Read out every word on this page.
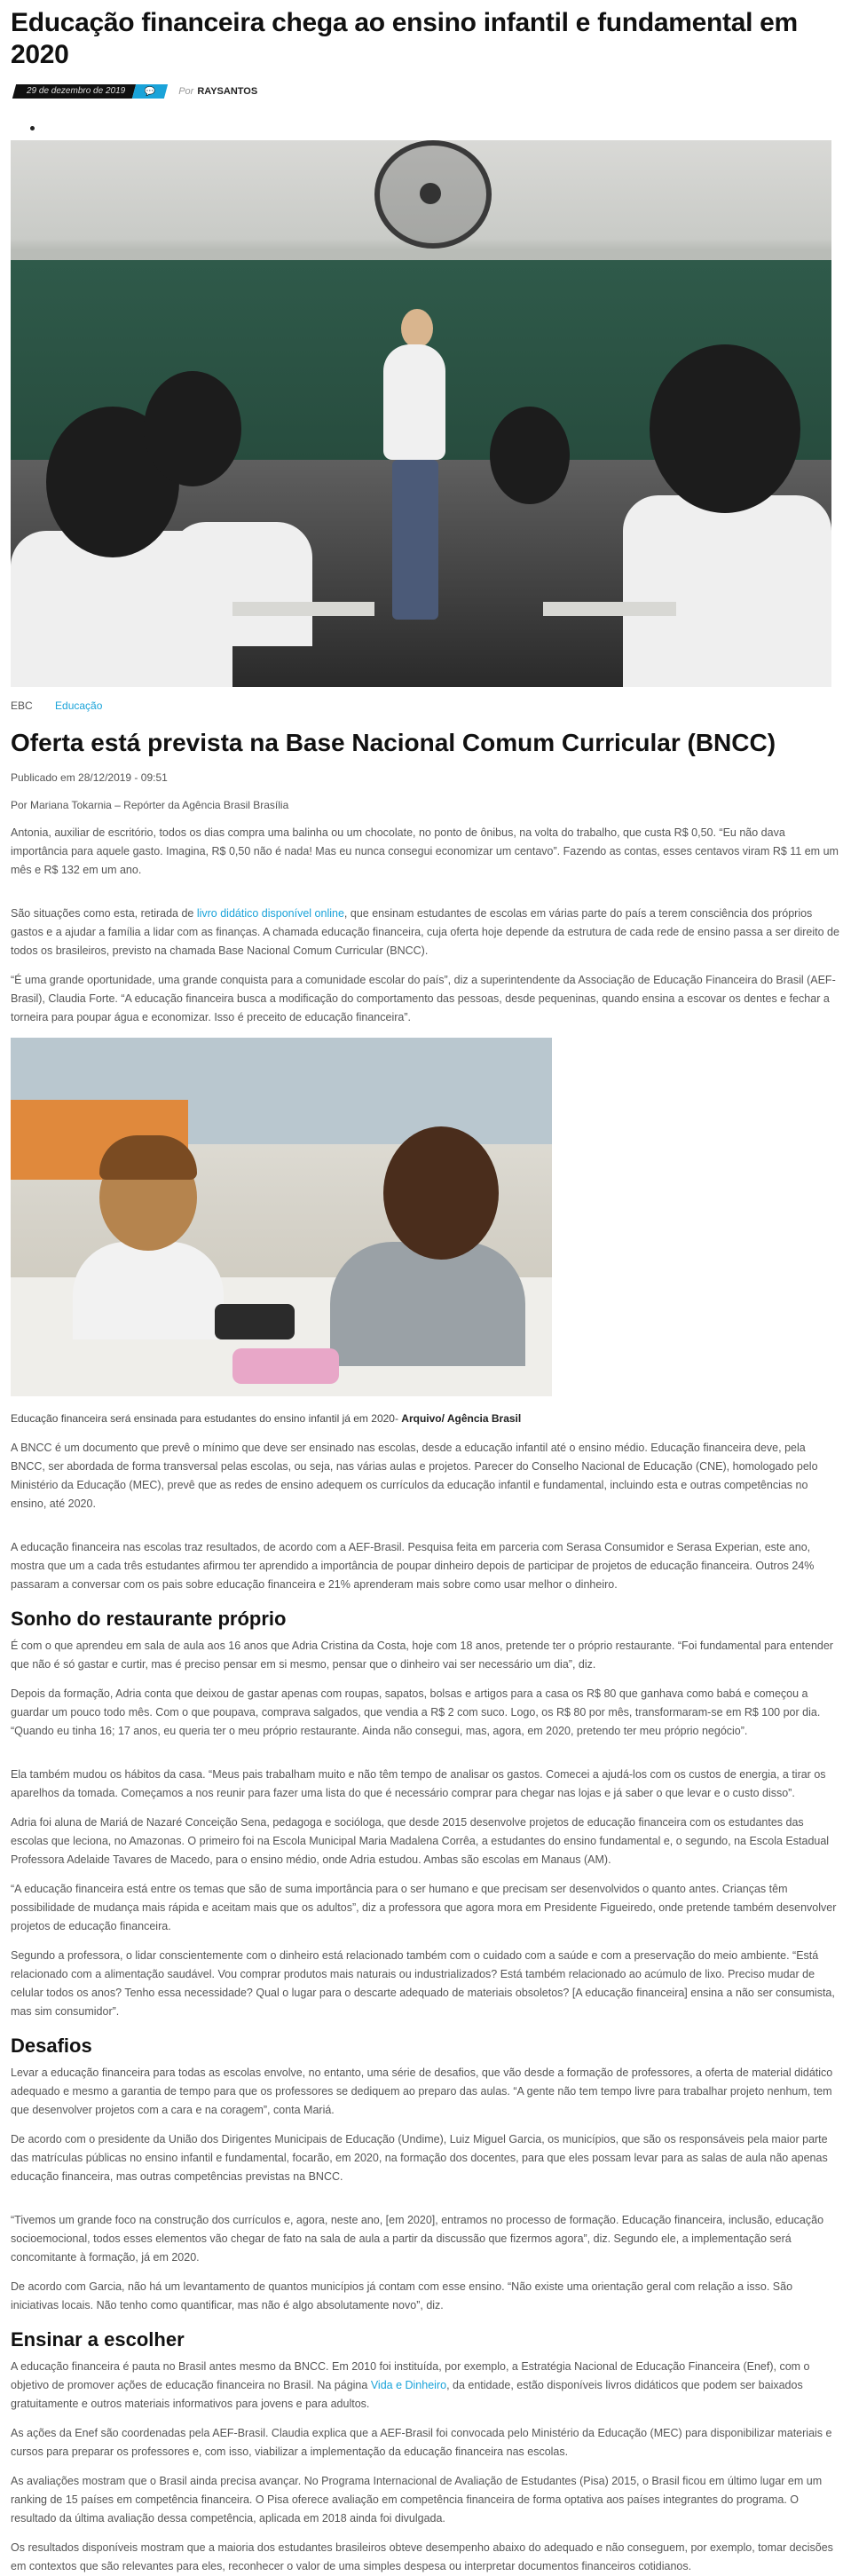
Educação financeira chega ao ensino infantil e fundamental em 2020
29 de dezembro de 2019	💬 Por RAYSANTOS
EBC Educação
Oferta está prevista na Base Nacional Comum Curricular (BNCC)

Publicado em 28/12/2019 - 09:51

Por Mariana Tokarnia – Repórter da Agência Brasil Brasília

Antonia, auxiliar de escritório, todos os dias compra uma balinha ou um chocolate, no ponto de ônibus, na volta do trabalho, que custa R$ 0,50. “Eu não dava importância para aquele gasto. Imagina, R$ 0,50 não é nada! Mas eu nunca consegui economizar um centavo”. Fazendo as contas, esses centavos viram R$ 11 em um mês e R$ 132 em um ano.

São situações como esta, retirada de livro didático disponível online, que ensinam estudantes de escolas em várias parte do país a terem consciência dos próprios gastos e a ajudar a família a lidar com as finanças. A chamada educação financeira, cuja oferta hoje depende da estrutura de cada rede de ensino passa a ser direito de todos os brasileiros, previsto na chamada Base Nacional Comum Curricular (BNCC).

“É uma grande oportunidade, uma grande conquista para a comunidade escolar do país”, diz a superintendente da Associação de Educação Financeira do Brasil (AEF-Brasil), Claudia Forte. “A educação financeira busca a modificação do comportamento das pessoas, desde pequeninas, quando ensina a escovar os dentes e fechar a torneira para poupar água e economizar. Isso é preceito de educação financeira”.

Educação financeira será ensinada para estudantes do ensino infantil já em 2020- Arquivo/ Agência Brasil

A BNCC é um documento que prevê o mínimo que deve ser ensinado nas escolas, desde a educação infantil até o ensino médio. Educação financeira deve, pela BNCC, ser abordada de forma transversal pelas escolas, ou seja, nas várias aulas e projetos. Parecer do Conselho Nacional de Educação (CNE), homologado pelo Ministério da Educação (MEC), prevê que as redes de ensino adequem os currículos da educação infantil e fundamental, incluindo esta e outras competências no ensino, até 2020.

A educação financeira nas escolas traz resultados, de acordo com a AEF-Brasil. Pesquisa feita em parceria com Serasa Consumidor e Serasa Experian, este ano, mostra que um a cada três estudantes afirmou ter aprendido a importância de poupar dinheiro depois de participar de projetos de educação financeira. Outros 24% passaram a conversar com os pais sobre educação financeira e 21% aprenderam mais sobre como usar melhor o dinheiro.

Sonho do restaurante próprio

É com o que aprendeu em sala de aula aos 16 anos que Adria Cristina da Costa, hoje com 18 anos, pretende ter o próprio restaurante. “Foi fundamental para entender que não é só gastar e curtir, mas é preciso pensar em si mesmo, pensar que o dinheiro vai ser necessário um dia”, diz.

Depois da formação, Adria conta que deixou de gastar apenas com roupas, sapatos, bolsas e artigos para a casa os R$ 80 que ganhava como babá e começou a guardar um pouco todo mês. Com o que poupava, comprava salgados, que vendia a R$ 2 com suco. Logo, os R$ 80 por mês, transformaram-se em R$ 100 por dia. “Quando eu tinha 16; 17 anos, eu queria ter o meu próprio restaurante. Ainda não consegui, mas, agora, em 2020, pretendo ter meu próprio negócio”.

Ela também mudou os hábitos da casa. “Meus pais trabalham muito e não têm tempo de analisar os gastos. Comecei a ajudá-los com os custos de energia, a tirar os aparelhos da tomada. Começamos a nos reunir para fazer uma lista do que é necessário comprar para chegar nas lojas e já saber o que levar e o custo disso”.

Adria foi aluna de Mariá de Nazaré Conceição Sena, pedagoga e socióloga, que desde 2015 desenvolve projetos de educação financeira com os estudantes das escolas que leciona, no Amazonas. O primeiro foi na Escola Municipal Maria Madalena Corrêa, a estudantes do ensino fundamental e, o segundo, na Escola Estadual Professora Adelaide Tavares de Macedo, para o ensino médio, onde Adria estudou. Ambas são escolas em Manaus (AM).

“A educação financeira está entre os temas que são de suma importância para o ser humano e que precisam ser desenvolvidos o quanto antes. Crianças têm possibilidade de mudança mais rápida e aceitam mais que os adultos”, diz a professora que agora mora em Presidente Figueiredo, onde pretende também desenvolver projetos de educação financeira.

Segundo a professora, o lidar conscientemente com o dinheiro está relacionado também com o cuidado com a saúde e com a preservação do meio ambiente. “Está relacionado com a alimentação saudável. Vou comprar produtos mais naturais ou industrializados? Está também relacionado ao acúmulo de lixo. Preciso mudar de celular todos os anos? Tenho essa necessidade? Qual o lugar para o descarte adequado de materiais obsoletos? [A educação financeira] ensina a não ser consumista, mas sim consumidor”.

Desafios

Levar a educação financeira para todas as escolas envolve, no entanto, uma série de desafios, que vão desde a formação de professores, a oferta de material didático adequado e mesmo a garantia de tempo para que os professores se dediquem ao preparo das aulas. “A gente não tem tempo livre para trabalhar projeto nenhum, tem que desenvolver projetos com a cara e na coragem”, conta Mariá.

De acordo com o presidente da União dos Dirigentes Municipais de Educação (Undime), Luiz Miguel Garcia, os municípios, que são os responsáveis pela maior parte das matrículas públicas no ensino infantil e fundamental, focarão, em 2020, na formação dos docentes, para que eles possam levar para as salas de aula não apenas educação financeira, mas outras competências previstas na BNCC.

“Tivemos um grande foco na construção dos currículos e, agora, neste ano, [em 2020], entramos no processo de formação. Educação financeira, inclusão, educação socioemocional, todos esses elementos vão chegar de fato na sala de aula a partir da discussão que fizermos agora”, diz. Segundo ele, a implementação será concomitante à formação, já em 2020.

De acordo com Garcia, não há um levantamento de quantos municípios já contam com esse ensino. “Não existe uma orientação geral com relação a isso. São iniciativas locais. Não tenho como quantificar, mas não é algo absolutamente novo”, diz.

Ensinar a escolher

A educação financeira é pauta no Brasil antes mesmo da BNCC. Em 2010 foi instituída, por exemplo, a Estratégia Nacional de Educação Financeira (Enef), com o objetivo de promover ações de educação financeira no Brasil. Na página Vida e Dinheiro, da entidade, estão disponíveis livros didáticos que podem ser baixados gratuitamente e outros materiais informativos para jovens e para adultos.

As ações da Enef são coordenadas pela AEF-Brasil. Claudia explica que a AEF-Brasil foi convocada pelo Ministério da Educação (MEC) para disponibilizar materiais e cursos para preparar os professores e, com isso, viabilizar a implementação da educação financeira nas escolas.

As avaliações mostram que o Brasil ainda precisa avançar. No Programa Internacional de Avaliação de Estudantes (Pisa) 2015, o Brasil ficou em último lugar em um ranking de 15 países em competência financeira. O Pisa oferece avaliação em competência financeira de forma optativa aos países integrantes do programa. O resultado da última avaliação dessa competência, aplicada em 2018 ainda foi divulgada.

Os resultados disponíveis mostram que a maioria dos estudantes brasileiros obteve desempenho abaixo do adequado e não conseguem, por exemplo, tomar decisões em contextos que são relevantes para eles, reconhecer o valor de uma simples despesa ou interpretar documentos financeiros cotidianos.
